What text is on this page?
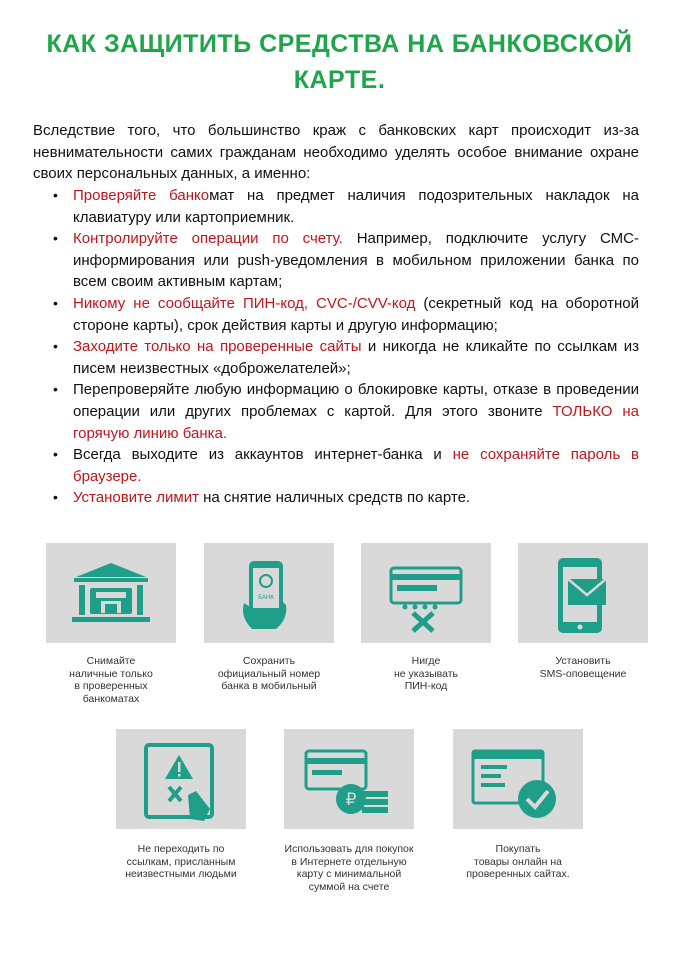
КАК ЗАЩИТИТЬ СРЕДСТВА НА БАНКОВСКОЙ КАРТЕ.
Вследствие того, что большинство краж с банковских карт происходит из-за невнимательности самих гражданам необходимо уделять особое внимание охране своих персональных данных, а именно:
• Проверяйте банкомат на предмет наличия подозрительных накладок на клавиатуру или картоприемник.
• Контролируйте операции по счету. Например, подключите услугу СМС-информирования или push-уведомления в мобильном приложении банка по всем своим активным картам;
• Никому не сообщайте ПИН-код, CVC-/CVV-код (секретный код на оборотной стороне карты), срок действия карты и другую информацию;
• Заходите только на проверенные сайты и никогда не кликайте по ссылкам из писем неизвестных «доброжелателей»;
• Перепроверяйте любую информацию о блокировке карты, отказе в проведении операции или других проблемах с картой. Для этого звоните ТОЛЬКО на горячую линию банка.
• Всегда выходите из аккаунтов интернет-банка и не сохраняйте пароль в браузере.
• Установите лимит на снятие наличных средств по карте.
БАНК
₽
Снимайте
наличные только
в проверенных
банкоматах
Сохранить
официальный номер
банка в мобильный
Нигде
не указывать
ПИН-код
Установить
SMS-оповещение
Не переходить по
ссылкам, присланным
неизвестными людьми
Использовать для покупок
в Интернете отдельную
карту с минимальной
суммой на счете
Покупать
товары онлайн на
проверенных сайтах.
